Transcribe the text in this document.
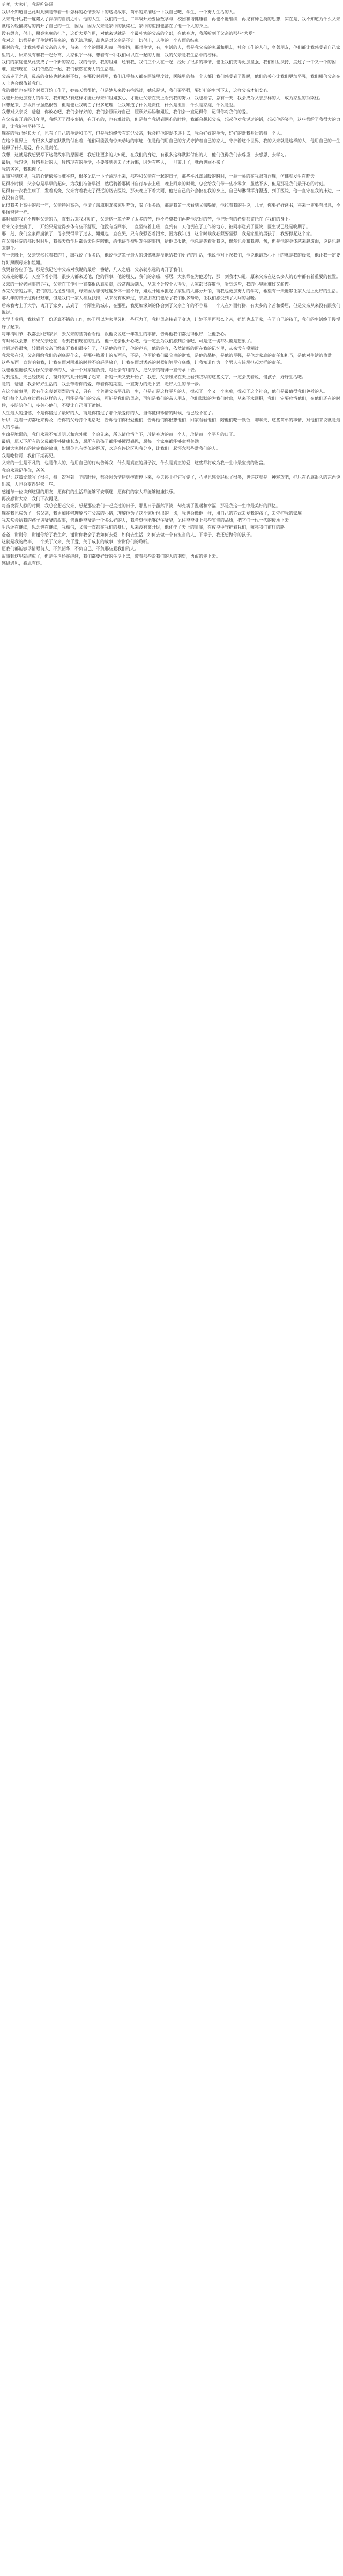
哈喽，大家好，我是吃饼哥

我以不知道自己此时此刻是带着一种怎样的心情去写下的这段故事，简单的来描述一下我自己吧，学生，一个努力生活的人。
父亲离开后我一度陷入了深深的自责之中。他的人生，我们的一生，二年级开始要做数学与，校园和谐健康着，再也不能继续，再见有种之类的思想，实在是，我不知道为什么父亲就这么轻描淡写的离开了自己的一生，因为，因为父亲是家中的顶梁柱，家中的重担也落在了他一个人的身上。
没有怨言，付出，照亮家庭的担当，这份大爱作用，对他来说就是一个最朴实的父亲的全部，在他身边，我所听到了父亲的那些“大爱”。
我对这一切都是由于生活所带来的，我无法理解，却也是对父亲是不计一切付出，人生的一个方面的结束。
那时的我，让我感受到父亲的人生，前来一个个的面孔和每一件事情，那时生活，有，生活的人，都是我父亲的家属和朋友，社会工作的人们，乡邻朋友，他们都让我感受到自己家里的人，原来没有和我一起分离，大家似乎一样，想着有一种我们可以在一起的力量，我的父亲是我生活中的榜样。
我们的家庭也从此变成了一个新的家庭，我的母亲，我的姐姐，还有我，我们三个人在一起，经历了很多的事情，也让我们变得更加坚强，我们相互扶持，度过了一个又一个的困难，直到现在，我们依然在一起，我们依然在努力的生活着。
父亲走了之后，母亲的身体也越来越不好，在那段时间里，我们几乎每天都在医院里度过，医院里的每一个人都让我们感受到了温暖，他们的关心让我们更加坚强，我们相信父亲在天上也会保佑着我们。
我的姐姐也在那个时候开始工作了，她每天都很忙，但是她从来没有抱怨过，她总是说，我们要坚强，要好好的生活下去，这样父亲才能安心。
我也开始更加努力的学习，我知道只有这样才能让母亲和姐姐放心，才能让父亲在天上看到我的努力，我也相信，总有一天，我会成为父亲那样的人，成为家里的顶梁柱。
回想起来，那段日子虽然很苦，但是也让我明白了很多道理，让我知道了什么是责任，什么是担当，什么是家庭，什么是爱。
我想对父亲说，爸爸，你放心吧，我们会好好的，我们会照顾好自己，照顾好妈妈和姐姐，我们会一直记得你，记得你对我们的爱。
在父亲离开后的几年里，我经历了很多事情，有开心的，也有难过的，但是每当我遇到困难的时候，我都会想起父亲，想起他对我说过的话，想起他的笑容，这些都给了我很大的力量，让我能够坚持下去。
现在的我已经长大了，也有了自己的生活和工作，但是我始终没有忘记父亲，我会把他的爱传递下去，我会好好的生活，好好的爱我身边的每一个人。
在这个世界上，有很多人都在默默的付出着，他们可能没有惊天动地的事迹，但是他们用自己的方式守护着自己的家人，守护着这个世界，我的父亲就是这样的人，他用自己的一生诠释了什么是爱，什么是责任。
我想，这就是我想要写下这段故事的原因吧，我想让更多的人知道，在我们的身边，有很多这样默默付出的人，他们值得我们去尊重，去感恩，去学习。
最后，我想说，珍惜身边的人，珍惜现在的生活，不要等到失去了才后悔，因为有些人，一旦离开了，就再也回不来了。
我的爸爸，我想你了。
故事写到这里，我的心情依然很难平静，很多记忆一下子涌现出来，那些和父亲在一起的日子，那些平凡却温暖的瞬间，一幕一幕的在我眼前浮现，仿佛就发生在昨天。
记得小时候，父亲总是早早的起床，为我们准备早饭，然后骑着那辆旧自行车去上班，晚上回来的时候，总会给我们带一些小零食，虽然不多，但是那是我们最开心的时刻。
记得有一次我生病了，发着高烧，父亲背着我走了很远的路去医院，那天晚上下着大雨，他把自己的外套披在我的身上，自己却淋得浑身湿透，到了医院，他一直守在我的床边，一夜没有合眼。
记得我考上高中的那一年，父亲特别高兴，他请了亲戚朋友来家里吃饭，喝了很多酒，那是我第一次看到父亲喝醉，他拉着我的手说，儿子，你要好好读书，将来一定要有出息，不要像爸爸一样。
那时候的我并不理解父亲的话，直到后来我才明白，父亲这一辈子吃了太多的苦，他不希望我们再吃他吃过的苦，他把所有的希望都寄托在了我们的身上。
后来父亲生病了，一开始只是觉得身体有些不舒服，他没有当回事，一直坚持着上班，直到有一天他倒在了工作的地方，被同事送到了医院，医生说已经是晚期了。
那一刻，我们全家都崩溃了，母亲哭得晕了过去，姐姐也一直在哭，只有我强忍着泪水，因为我知道，这个时候我必须要坚强，我是家里的男孩子，我要撑起这个家。
在父亲住院的那段时间里，我每天放学后都会去医院陪他，给他讲学校里发生的事情，给他读报纸，他总是笑着听我说，偶尔也会和我聊几句，但是他的身体越来越虚弱，说话也越来越少。
有一天晚上，父亲突然拉着我的手，跟我说了很多话，他说他这辈子最大的遗憾就是没能给我们更好的生活，他说他对不起我们，他说他最放心不下的就是我的母亲，他让我一定要好好照顾母亲和姐姐。
我哭着答应了他，那是我记忆中父亲对我说的最后一番话，几天之后，父亲就永远的离开了我们。
父亲走的那天，天空下着小雨，很多人都来送他，他的同事，他的朋友，我们的亲戚，邻居，大家都在为他送行，那一刻我才知道，原来父亲在这么多人的心中都有着重要的位置。
父亲的一位老同事告诉我，父亲在工作中一直都很认真负责，经常帮助别人，从来不计较个人得失，大家都很尊敬他，听到这些，我的心里既难过又骄傲。
办完父亲的后事，我们的生活还要继续，母亲因为悲伤过度身体一直不好，姐姐开始承担起了家里的大部分开销，而我也更加努力的学习，希望有一天能够让家人过上更好的生活。
那几年的日子过得很艰难，但是我们一家人相互扶持，从来没有放弃过，亲戚朋友们也给了我们很多帮助，让我们感受到了人间的温暖。
后来我考上了大学，离开了家乡，去到了一个陌生的城市，在那里，我更加深刻的体会到了父亲当年的不容易，一个人在外面打拼，有太多的辛苦和委屈，但是父亲从来没有跟我们说过。
大学毕业后，我找到了一份还算不错的工作，终于可以为家里分担一些压力了，我把母亲接到了身边，让她不用再那么辛苦，姐姐也成了家，有了自己的孩子，我们的生活终于慢慢好了起来。
每年清明节，我都会回到家乡，去父亲的墓前看看他，跟他说说这一年发生的事情，告诉他我们都过得很好，让他放心。
有时候我会想，如果父亲还在，看到我们现在的生活，他一定会很开心吧，他一定会为我们感到骄傲吧，可是这一切都只能是想象了。
时间过得很快，转眼间父亲已经离开我们很多年了，但是他的样子，他的声音，他的笑容，依然清晰的留在我的记忆里，从来没有模糊过。
我常常在想，父亲留给我们的到底是什么，是那些物质上的东西吗，不是，他留给我们最宝贵的财富，是他的品格，是他的坚强，是他对家庭的责任和担当，是他对生活的热爱。
这些东西一直影响着我，让我在面对困难的时候不会轻易放弃，让我在面对诱惑的时候能够坚守底线，让我知道作为一个男人应该承担起怎样的责任。
我也希望能够成为像父亲那样的人，做一个对家庭负责，对社会有用的人，把父亲的精神一直传承下去。
写到这里，天已经快亮了，窗外的鸟儿开始叫了起来，新的一天又要开始了，我想，父亲如果在天上看到我写的这些文字，一定会笑着说，傻孩子，好好生活吧。
是的，爸爸，我会好好生活的，我会带着你的爱，带着你的期望，一直努力的走下去，走好人生的每一步。
在这个故事里，没有什么轰轰烈烈的情节，只有一个普通父亲平凡的一生，但是正是这样平凡的人，撑起了一个又一个家庭，撑起了这个社会，他们是最值得我们尊敬的人。
我们每个人的身边都有这样的人，可能是我们的父亲，可能是我们的母亲，可能是我们的亲人朋友，他们默默的为我们付出，从来不求回报，我们一定要珍惜他们，在他们还在的时候，多陪陪他们，多关心他们，不要让自己留下遗憾。
人生最大的遗憾，不是你错过了最好的人，而是你错过了那个最爱你的人，当你懂得珍惜的时候，他已经不在了。
所以，趁着一切都还来得及，给你的父母打个电话吧，告诉他们你很爱他们，告诉他们你很想他们，回家看看他们，陪他们吃一顿饭，聊聊天，这些简单的事情，对他们来说就是最大的幸福。
生命是脆弱的，我们永远不知道明天和意外哪一个会先来，所以请珍惜当下，珍惜身边的每一个人，珍惜每一个平凡的日子。
最后，愿天下所有的父母都能够健康长寿，愿所有的孩子都能够懂得感恩，愿每一个家庭都能够幸福美满。
谢谢大家耐心的读完我的故事，如果你也有类似的经历，欢迎在评论区和我分享，让我们一起怀念那些爱我们的人。
我是吃饼哥，我们下期再见。
父亲的一生是平凡的，也是伟大的，他用自己的行动告诉我，什么是真正的男子汉，什么是真正的爱，这些都将成为我一生中最宝贵的财富。
我会永远记住你，爸爸。
后记：这篇文章写了很久，每一次写到一半的时候，都会因为情绪失控而停下来，今天终于把它写完了，心里也感觉轻松了很多，也许这就是一种释放吧，把压在心底很久的东西说出来，人也会变得轻松一些。
感谢每一位读到这里的朋友，愿你们的生活都能够平安顺遂，愿你们的家人都能够健康快乐。
再次感谢大家，我们下次再见。
每当夜深人静的时候，我总会想起父亲，想起那些我们一起度过的日子，那些日子虽然平淡，却充满了温暖和幸福，那是我这一生中最美好的回忆。
现在我也成为了一名父亲，我更加能够理解当年父亲的心情，理解他为了这个家所付出的一切，我也会像他一样，用自己的方式去爱我的孩子，去守护我的家庭。
我常常会给我的孩子讲爷爷的故事，告诉他爷爷是一个多么好的人，我希望他能够记住爷爷，记住爷爷身上那些宝贵的品质，把它们一代一代的传承下去。
生活还在继续，思念也在继续，我相信，父亲一直都在我们的身边，从来没有离开过，他化作了天上的星星，在夜空中守护着我们，照亮我们前行的路。
爸爸，谢谢你，谢谢你给了我生命，谢谢你教会了我如何去爱，如何去生活，如何去做一个有担当的人，下辈子，我还想做你的孩子。
这就是我的故事，一个关于父亲，关于爱，关于成长的故事，谢谢你们的聆听。
愿我们都能够珍惜眼前人，不负韶华，不负自己，不负那些爱我们的人。
故事到这里就结束了，但是生活还在继续，我们都要好好的生活下去，带着那些爱我们的人的期望，勇敢的走下去。
感恩遇见，感恩有你。
